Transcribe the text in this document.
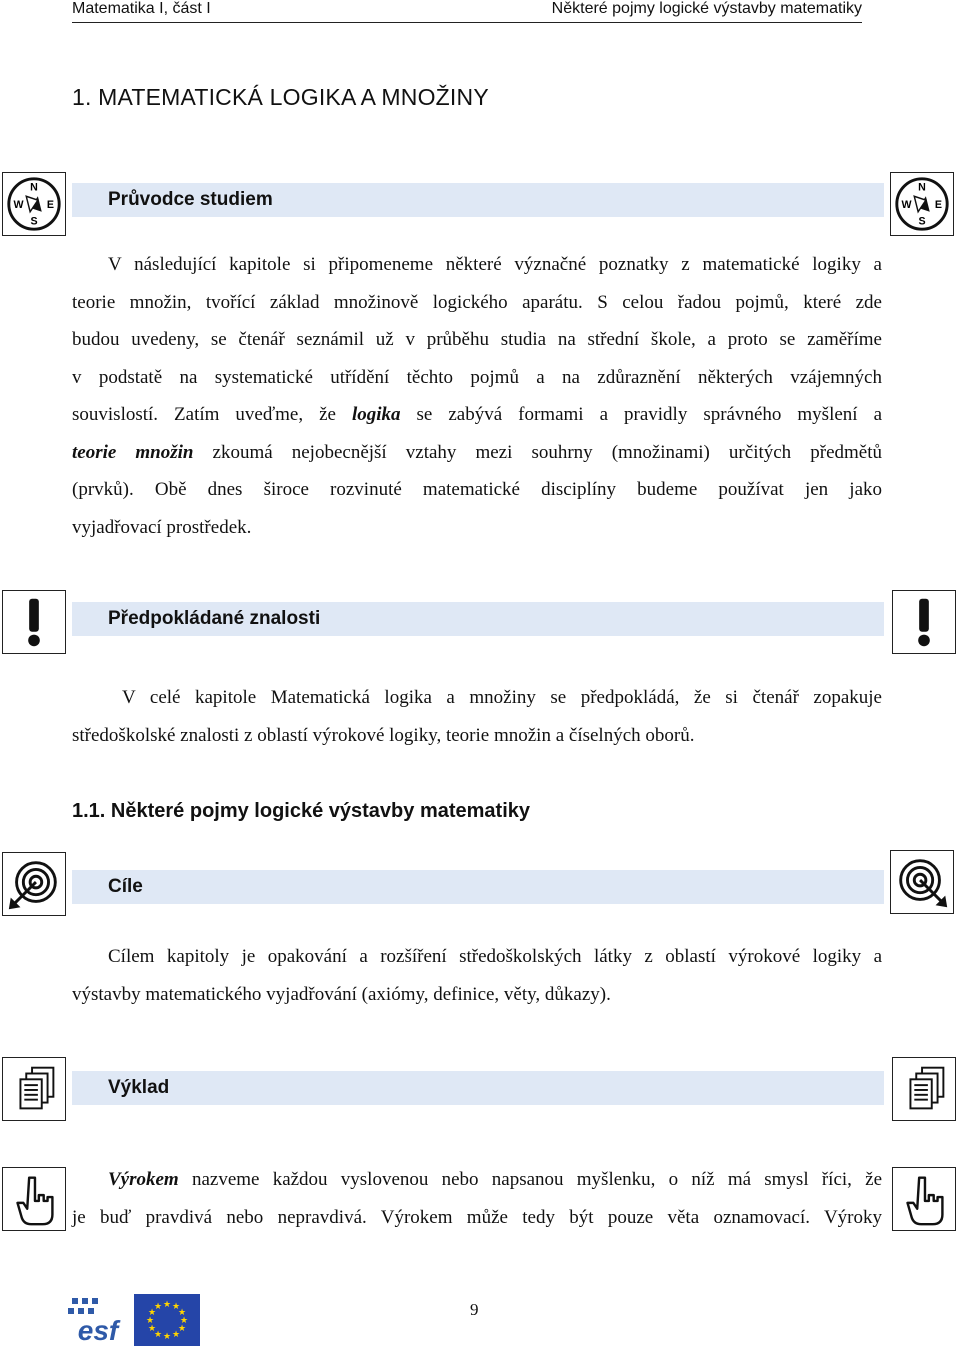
Matematika I, část I	Některé pojmy logické výstavby matematiky
1. MATEMATICKÁ LOGIKA A MNOŽINY
N
W E
S
Průvodce studiem
N
W E
S
V následující kapitole si připomeneme některé význačné poznatky z matematické logiky a
teorie množin, tvořící základ množinově logického aparátu. S celou řadou pojmů, které zde
budou uvedeny, se čtenář seznámil už v průběhu studia na střední škole, a proto se zaměříme
v podstatě na systematické utřídění těchto pojmů a na zdůraznění některých vzájemných
souvislostí. Zatím uveďme, že logika se zabývá formami a pravidly správného myšlení a
teorie množin zkoumá nejobecnější vztahy mezi souhrny (množinami) určitých předmětů
(prvků). Obě dnes široce rozvinuté matematické disciplíny budeme používat jen jako
vyjadřovací prostředek.
Předpokládané znalosti
V celé kapitole Matematická logika a množiny se předpokládá, že si čtenář zopakuje
středoškolské znalosti z oblastí výrokové logiky, teorie množin a číselných oborů.
1.1. Některé pojmy logické výstavby matematiky
Cíle
Cílem kapitoly je opakování a rozšíření středoškolských látky z oblastí výrokové logiky a
výstavby matematického vyjadřování (axiómy, definice, věty, důkazy).
Výklad
Výrokem nazveme každou vyslovenou nebo napsanou myšlenku, o níž má smysl říci, že
je buď pravdivá nebo nepravdivá. Výrokem může tedy být pouze věta oznamovací. Výroky
esf
★ ★
★
★
★
★
★
★
★
★
★
★	9
